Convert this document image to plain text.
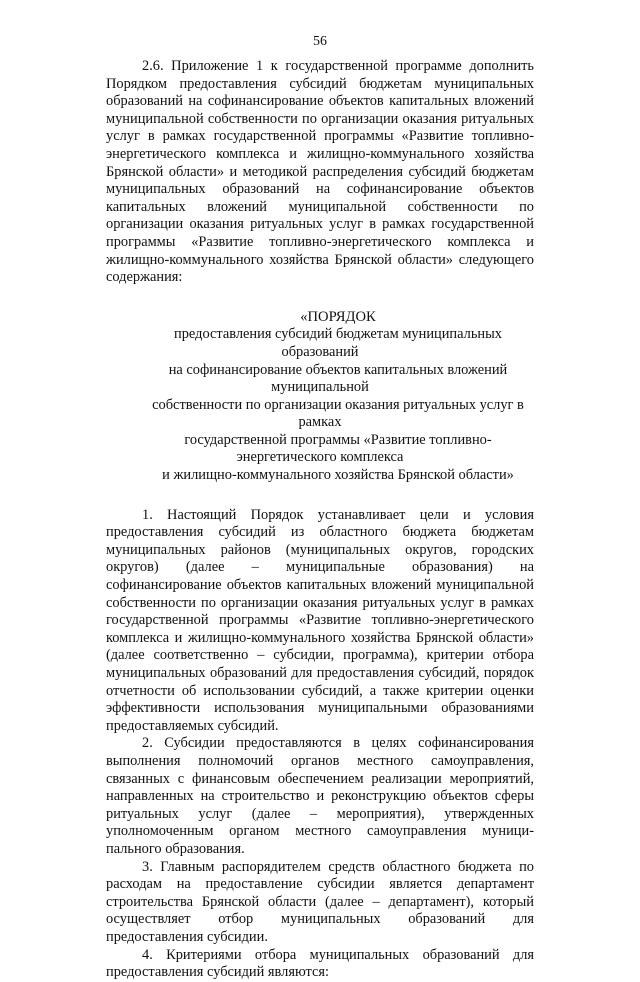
56

2.6. Приложение 1 к государственной программе дополнить Порядком предоставления субсидий бюджетам муниципальных образований на софинансирование объектов капитальных вложений муниципальной собственности по организации оказания ритуальных услуг в рамках государственной программы «Развитие топливно-энергетического комплекса и жилищно-коммунального хозяйства Брянской области» и методикой распределения субсидий бюджетам муниципальных образований на софинансирование объектов капитальных вложений муниципальной собственности по организации оказания ритуальных услуг в рамках государственной программы «Развитие топливно-энергетического комплекса и жилищно-коммунального хозяйства Брянской области» следующего содержания:

«ПОРЯДОК

предоставления субсидий бюджетам муниципальных образований
на софинансирование объектов капитальных вложений муниципальной
собственности по организации оказания ритуальных услуг в рамках
государственной программы «Развитие топливно-энергетического комплекса
и жилищно-коммунального хозяйства Брянской области»

1. Настоящий Порядок устанавливает цели и условия предоставления субсидий из областного бюджета бюджетам муниципальных районов (муниципальных округов, городских округов) (далее – муниципальные образования) на софинансирование объектов капитальных вложений муниципальной собственности по организации оказания ритуальных услуг в рамках государственной программы «Развитие топливно-энергетического комплекса и жилищно-коммунального хозяйства Брянской области» (далее соответственно – субсидии, программа), критерии отбора муниципальных образований для предоставления субсидий, порядок отчетности об использовании субсидий, а также критерии оценки эффективности использования муниципальными образованиями предоставляемых субсидий.

2. Субсидии предоставляются в целях софинансирования выполнения полномочий органов местного самоуправления, связанных с финансовым обеспечением реализации мероприятий, направленных на строительство и реконструкцию объектов сферы ритуальных услуг (далее – мероприятия), утвержденных уполномоченным органом местного самоуправления муниципального образования.

3. Главным распорядителем средств областного бюджета по расходам на предоставление субсидии является департамент строительства Брянской области (далее – департамент), который осуществляет отбор муниципальных образований для предоставления субсидии.

4. Критериями отбора муниципальных образований для предоставления субсидий являются:
